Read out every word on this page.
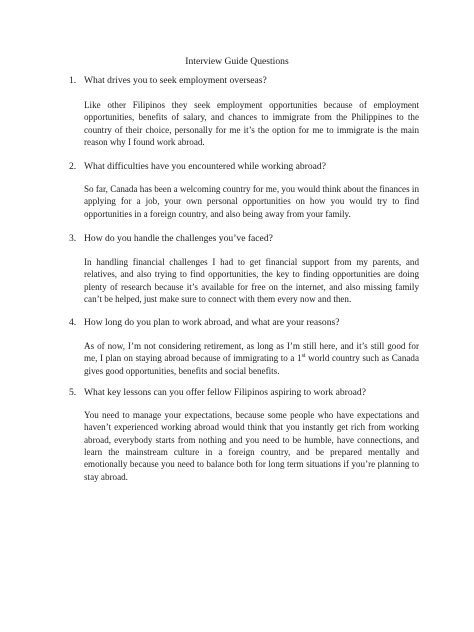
Interview Guide Questions
1. What drives you to seek employment overseas?
Like other Filipinos they seek employment opportunities because of employment opportunities, benefits of salary, and chances to immigrate from the Philippines to the country of their choice, personally for me it’s the option for me to immigrate is the main reason why I found work abroad.
2. What difficulties have you encountered while working abroad?
So far, Canada has been a welcoming country for me, you would think about the finances in applying for a job, your own personal opportunities on how you would try to find opportunities in a foreign country, and also being away from your family.
3. How do you handle the challenges you’ve faced?
In handling financial challenges I had to get financial support from my parents, and relatives, and also trying to find opportunities, the key to finding opportunities are doing plenty of research because it’s available for free on the internet, and also missing family can’t be helped, just make sure to connect with them every now and then.
4. How long do you plan to work abroad, and what are your reasons?
As of now, I’m not considering retirement, as long as I’m still here, and it’s still good for me, I plan on staying abroad because of immigrating to a 1st world country such as Canada gives good opportunities, benefits and social benefits.
5. What key lessons can you offer fellow Filipinos aspiring to work abroad?
You need to manage your expectations, because some people who have expectations and haven’t experienced working abroad would think that you instantly get rich from working abroad, everybody starts from nothing and you need to be humble, have connections, and learn the mainstream culture in a foreign country, and be prepared mentally and emotionally because you need to balance both for long term situations if you’re planning to stay abroad.
